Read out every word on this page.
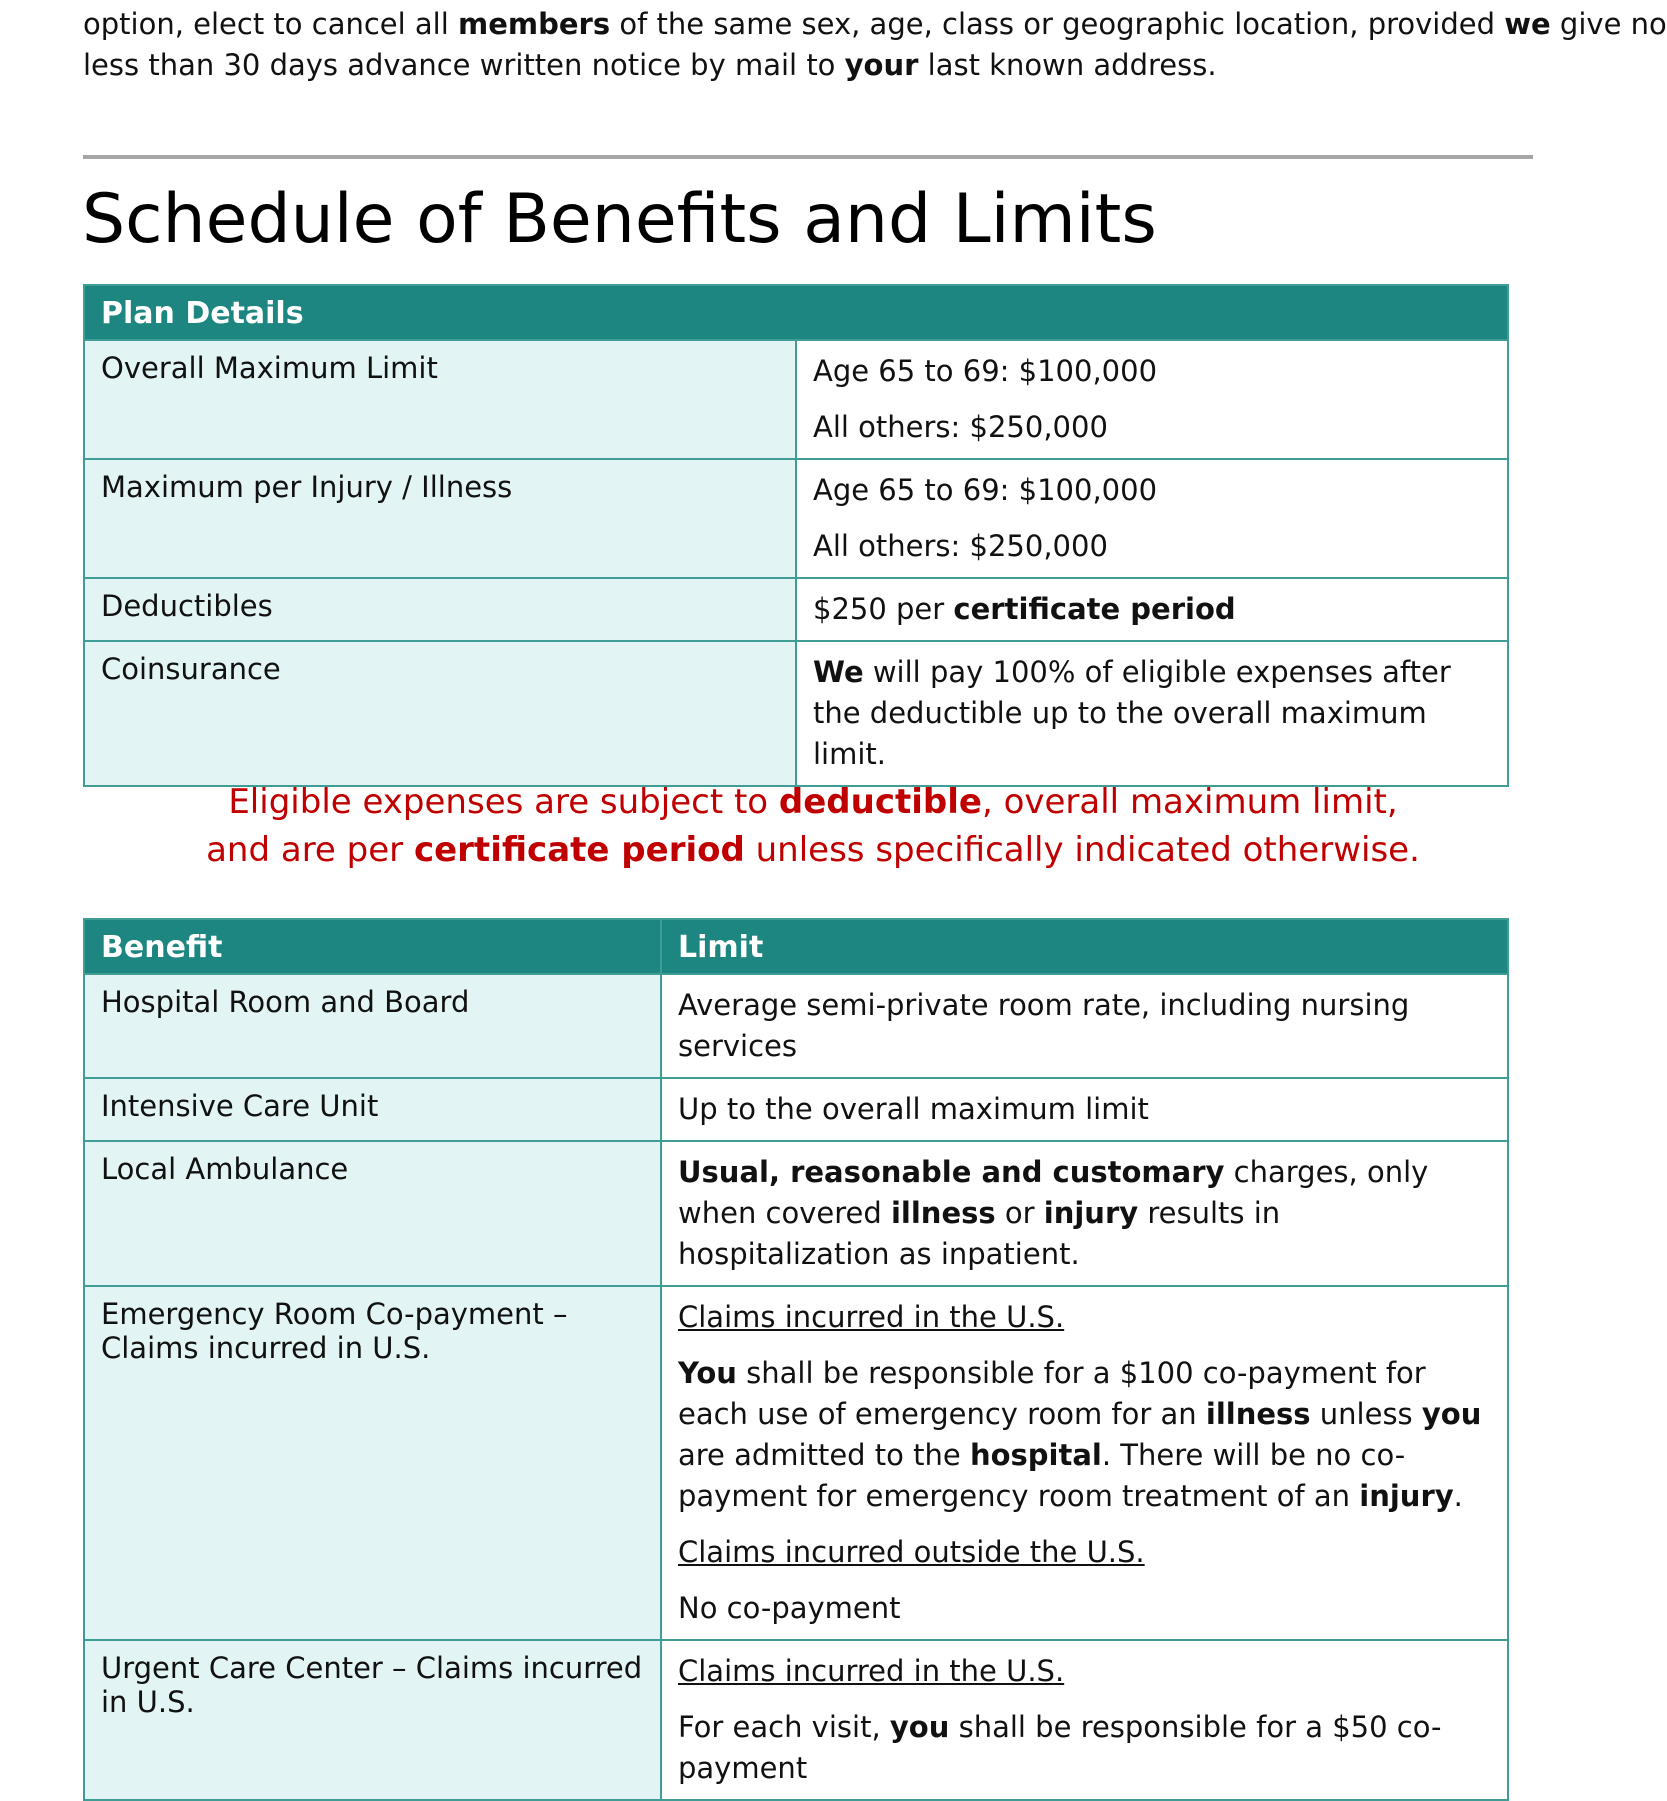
option, elect to cancel all members of the same sex, age, class or geographic location, provided we give no
less than 30 days advance written notice by mail to your last known address.
Schedule of Benefits and Limits
Plan Details	
Overall Maximum Limit	Age 65 to 69: $100,000
All others: $250,000

Maximum per Injury / Illness	Age 65 to 69: $100,000
All others: $250,000

Deductibles	$250 per certificate period

Coinsurance	We will pay 100% of eligible expenses after the deductible up to the overall maximum limit.
Eligible expenses are subject to deductible, overall maximum limit,
and are per certificate period unless specifically indicated otherwise.
Benefit	Limit
Hospital Room and Board	Average semi-private room rate, including nursing services

Intensive Care Unit	Up to the overall maximum limit

Local Ambulance	Usual, reasonable and customary charges, only when covered illness or injury results in hospitalization as inpatient.

Emergency Room Co-payment – Claims incurred in U.S.	Claims incurred in the U.S.
You shall be responsible for a $100 co-payment for each use of emergency room for an illness unless you are admitted to the hospital. There will be no co-payment for emergency room treatment of an injury.
Claims incurred outside the U.S.
No co-payment

Urgent Care Center – Claims incurred in U.S.	Claims incurred in the U.S.
For each visit, you shall be responsible for a $50 co-payment
